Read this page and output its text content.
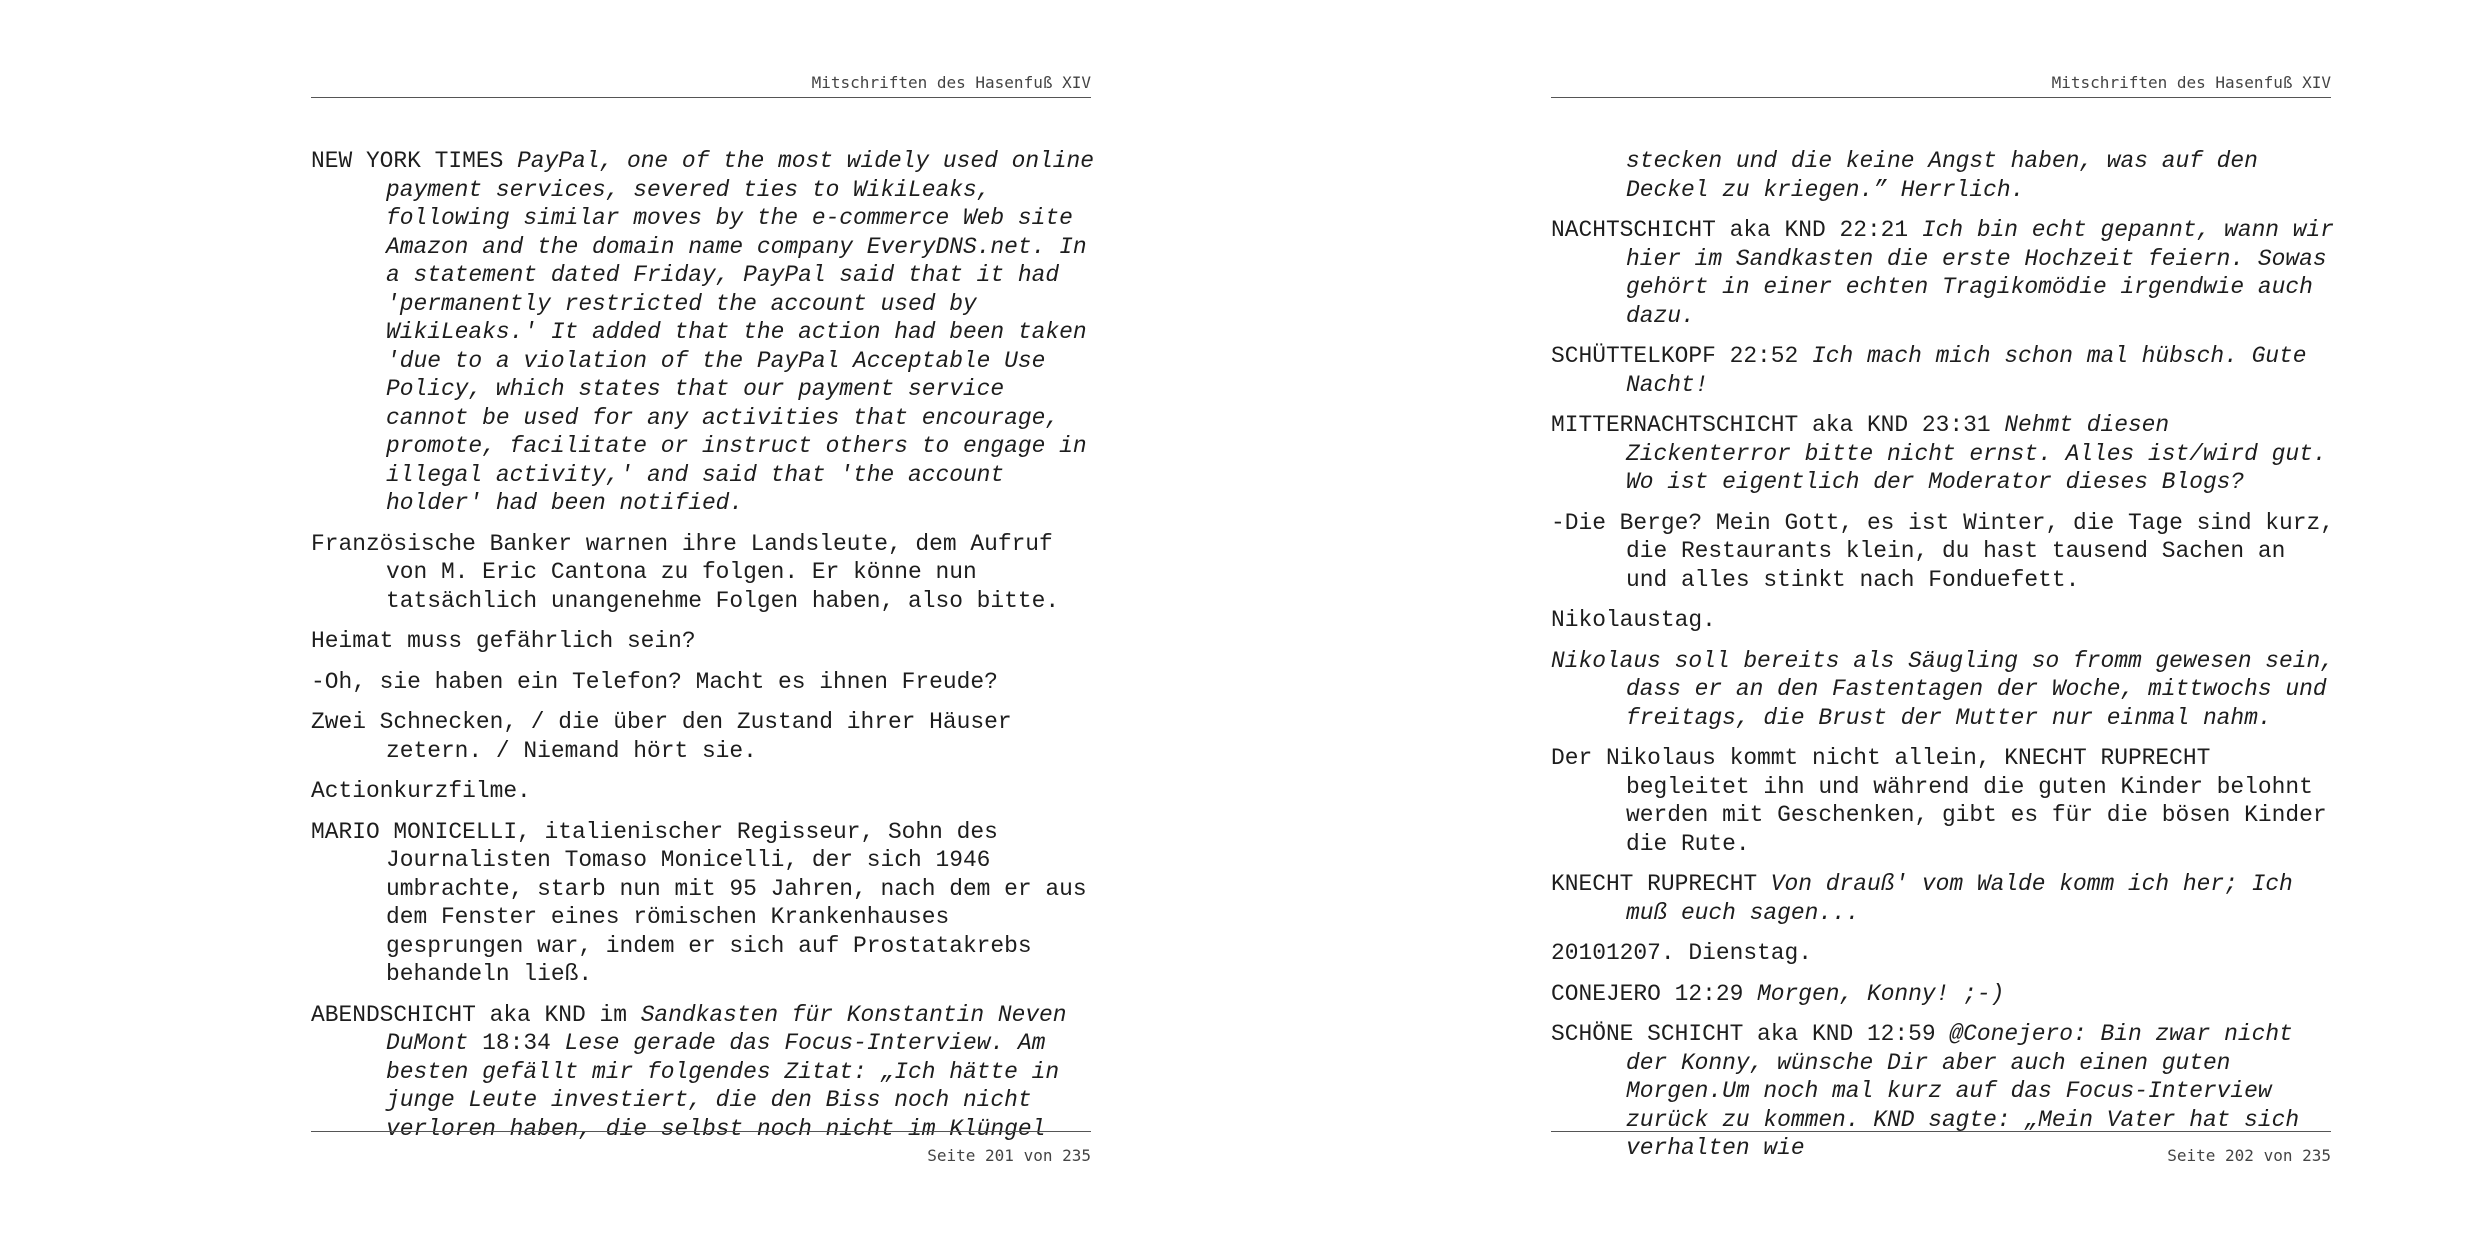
Mitschriften des Hasenfuß XIV

NEW YORK TIMES PayPal, one of the most widely used online payment services, severed ties to WikiLeaks, following similar moves by the e-commerce Web site Amazon and the domain name company EveryDNS.net. In a statement dated Friday, PayPal said that it had 'permanently restricted the account used by WikiLeaks.' It added that the action had been taken 'due to a violation of the PayPal Acceptable Use Policy, which states that our payment service cannot be used for any activities that encourage, promote, facilitate or instruct others to engage in illegal activity,' and said that 'the account holder' had been notified.

Französische Banker warnen ihre Landsleute, dem Aufruf von M. Eric Cantona zu folgen. Er könne nun tatsächlich unangenehme Folgen haben, also bitte.

Heimat muss gefährlich sein?

-Oh, sie haben ein Telefon? Macht es ihnen Freude?

Zwei Schnecken, / die über den Zustand ihrer Häuser zetern. / Niemand hört sie.

Actionkurzfilme.

MARIO MONICELLI, italienischer Regisseur, Sohn des Journalisten Tomaso Monicelli, der sich 1946 umbrachte, starb nun mit 95 Jahren, nach dem er aus dem Fenster eines römischen Krankenhauses gesprungen war, indem er sich auf Prostatakrebs behandeln ließ.

ABENDSCHICHT aka KND im Sandkasten für Konstantin Neven DuMont 18:34 Lese gerade das Focus-Interview. Am besten gefällt mir folgendes Zitat: „Ich hätte in junge Leute investiert, die den Biss noch nicht verloren haben, die selbst noch nicht im Klüngel

Seite 201 von 235
Mitschriften des Hasenfuß XIV

stecken und die keine Angst haben, was auf den Deckel zu kriegen.” Herrlich.

NACHTSCHICHT aka KND 22:21 Ich bin echt gepannt, wann wir hier im Sandkasten die erste Hochzeit feiern. Sowas gehört in einer echten Tragikomödie irgendwie auch dazu.

SCHÜTTELKOPF 22:52 Ich mach mich schon mal hübsch. Gute Nacht!

MITTERNACHTSCHICHT aka KND 23:31 Nehmt diesen Zickenterror bitte nicht ernst. Alles ist/wird gut. Wo ist eigentlich der Moderator dieses Blogs?

-Die Berge? Mein Gott, es ist Winter, die Tage sind kurz, die Restaurants klein, du hast tausend Sachen an und alles stinkt nach Fonduefett.

Nikolaustag.

Nikolaus soll bereits als Säugling so fromm gewesen sein, dass er an den Fastentagen der Woche, mittwochs und freitags, die Brust der Mutter nur einmal nahm.

Der Nikolaus kommt nicht allein, KNECHT RUPRECHT begleitet ihn und während die guten Kinder belohnt werden mit Geschenken, gibt es für die bösen Kinder die Rute.

KNECHT RUPRECHT Von drauß' vom Walde komm ich her; Ich muß euch sagen...

20101207. Dienstag.

CONEJERO 12:29 Morgen, Konny! ;-)

SCHÖNE SCHICHT aka KND 12:59 @Conejero: Bin zwar nicht der Konny, wünsche Dir aber auch einen guten Morgen.Um noch mal kurz auf das Focus-Interview zurück zu kommen. KND sagte: „Mein Vater hat sich verhalten wie	Seite 202 von 235
